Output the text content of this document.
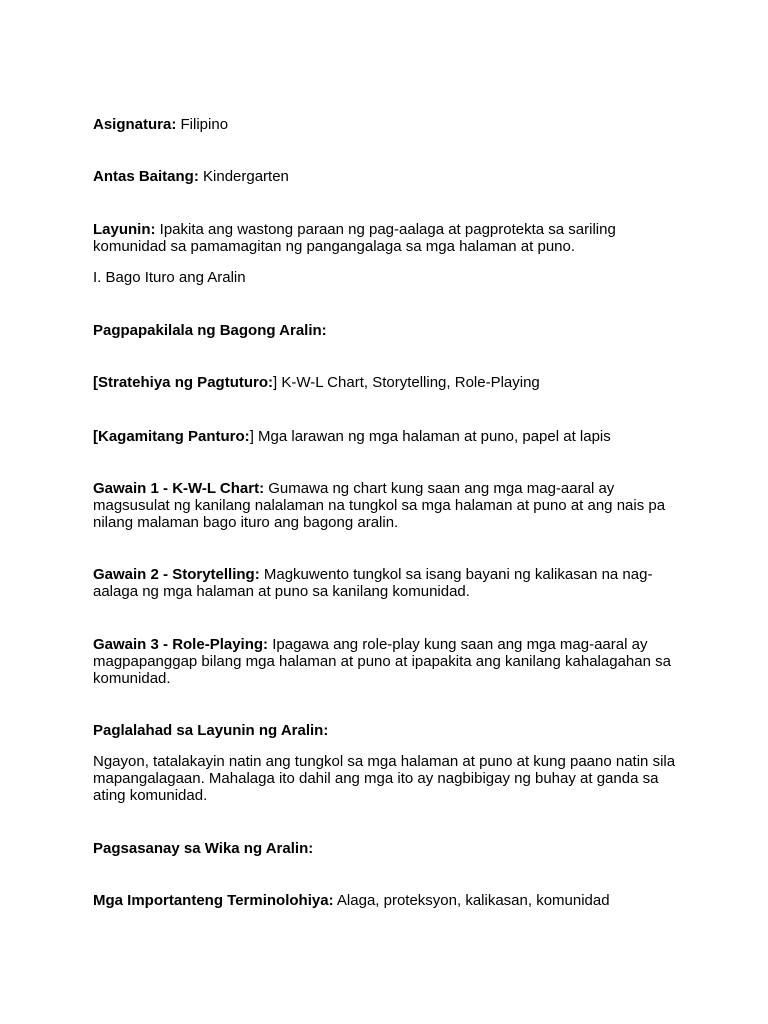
Asignatura: Filipino

Antas Baitang: Kindergarten

Layunin: Ipakita ang wastong paraan ng pag-aalaga at pagprotekta sa sariling komunidad sa pamamagitan ng pangangalaga sa mga halaman at puno.

I. Bago Ituro ang Aralin

Pagpapakilala ng Bagong Aralin:

[Stratehiya ng Pagtuturo:] K-W-L Chart, Storytelling, Role-Playing

[Kagamitang Panturo:] Mga larawan ng mga halaman at puno, papel at lapis

Gawain 1 - K-W-L Chart: Gumawa ng chart kung saan ang mga mag-aaral ay magsusulat ng kanilang nalalaman na tungkol sa mga halaman at puno at ang nais pa nilang malaman bago ituro ang bagong aralin.

Gawain 2 - Storytelling: Magkuwento tungkol sa isang bayani ng kalikasan na nag-aalaga ng mga halaman at puno sa kanilang komunidad.

Gawain 3 - Role-Playing: Ipagawa ang role-play kung saan ang mga mag-aaral ay magpapanggap bilang mga halaman at puno at ipapakita ang kanilang kahalagahan sa komunidad.

Paglalahad sa Layunin ng Aralin:

Ngayon, tatalakayin natin ang tungkol sa mga halaman at puno at kung paano natin sila mapangalagaan. Mahalaga ito dahil ang mga ito ay nagbibigay ng buhay at ganda sa ating komunidad.

Pagsasanay sa Wika ng Aralin:

Mga Importanteng Terminolohiya: Alaga, proteksyon, kalikasan, komunidad
